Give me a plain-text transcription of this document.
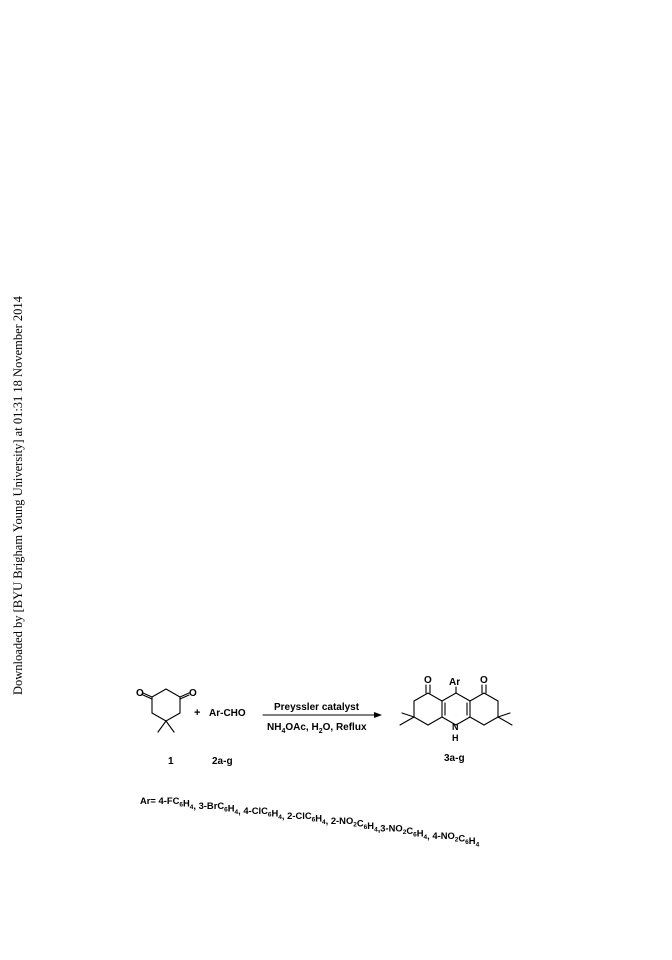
Downloaded by [BYU Brigham Young University] at 01:31 18 November 2014	O	O
1
+ Ar-CHO
2a-g
Preyssler catalyst
$NH_4OAc$, $H_2O$, Reflux
O	O
Ar
N
H
3a-g
$Ar= 4-FC_6H_4$, $3-BrC_6H_4$, $4-ClC_6H_4$, $2-ClC_6H_4$, $2-NO_2C_6H_4,3-NO_2C_6H_4$, $4-NO_2C_6H_4$
